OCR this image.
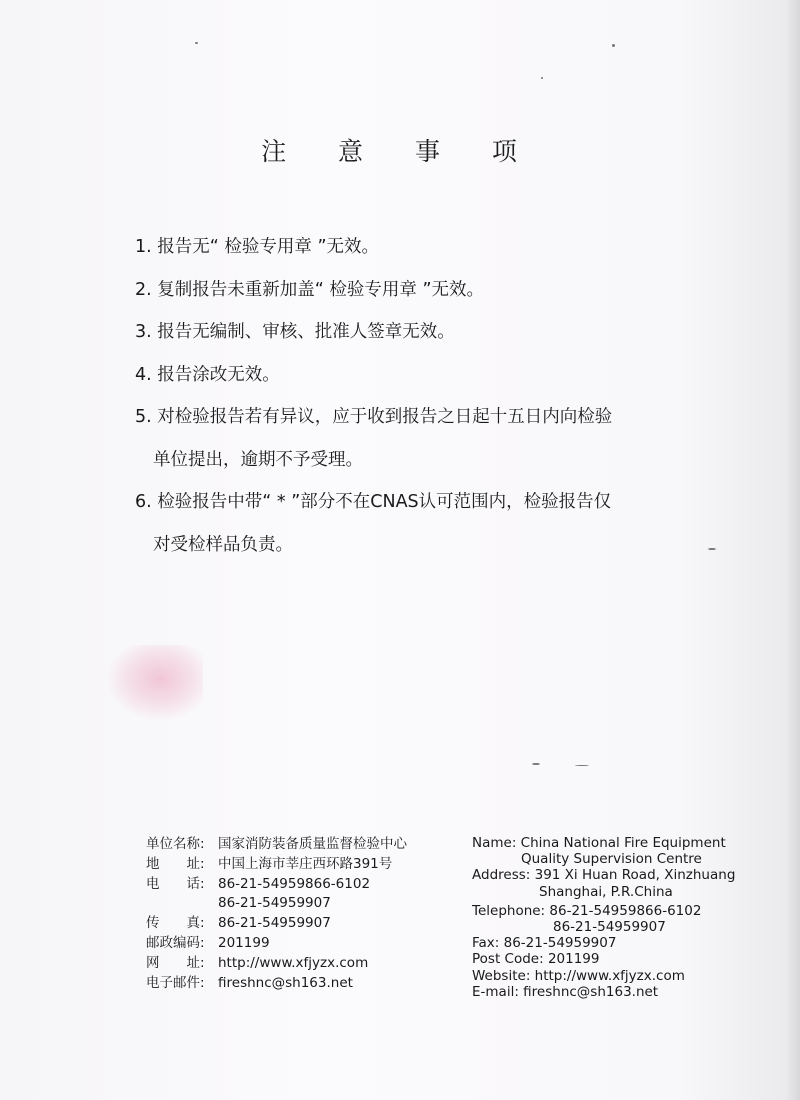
注 意 事 项
1. 报告无“ 检验专用章 ”无效。
2. 复制报告未重新加盖“ 检验专用章 ”无效。
3. 报告无编制、审核、批准人签章无效。
4. 报告涂改无效。
5. 对检验报告若有异议，应于收到报告之日起十五日内向检验
单位提出，逾期不予受理。
6. 检验报告中带“ * ”部分不在CNAS认可范围内，检验报告仅
对受检样品负责。
单位名称: 国家消防装备质量监督检验中心
地　　址: 中国上海市莘庄西环路391号
电　　话: 86-21-54959866-6102
86-21-54959907
传　　真: 86-21-54959907
邮政编码: 201199
网　　址: http://www.xfjyzx.com
电子邮件: fireshnc@sh163.net
Name: China National Fire Equipment
Quality Supervision Centre
Address: 391 Xi Huan Road, Xinzhuang
Shanghai, P.R.China
Telephone: 86-21-54959866-6102
86-21-54959907
Fax: 86-21-54959907
Post Code: 201199
Website: http://www.xfjyzx.com
E-mail: fireshnc@sh163.net
